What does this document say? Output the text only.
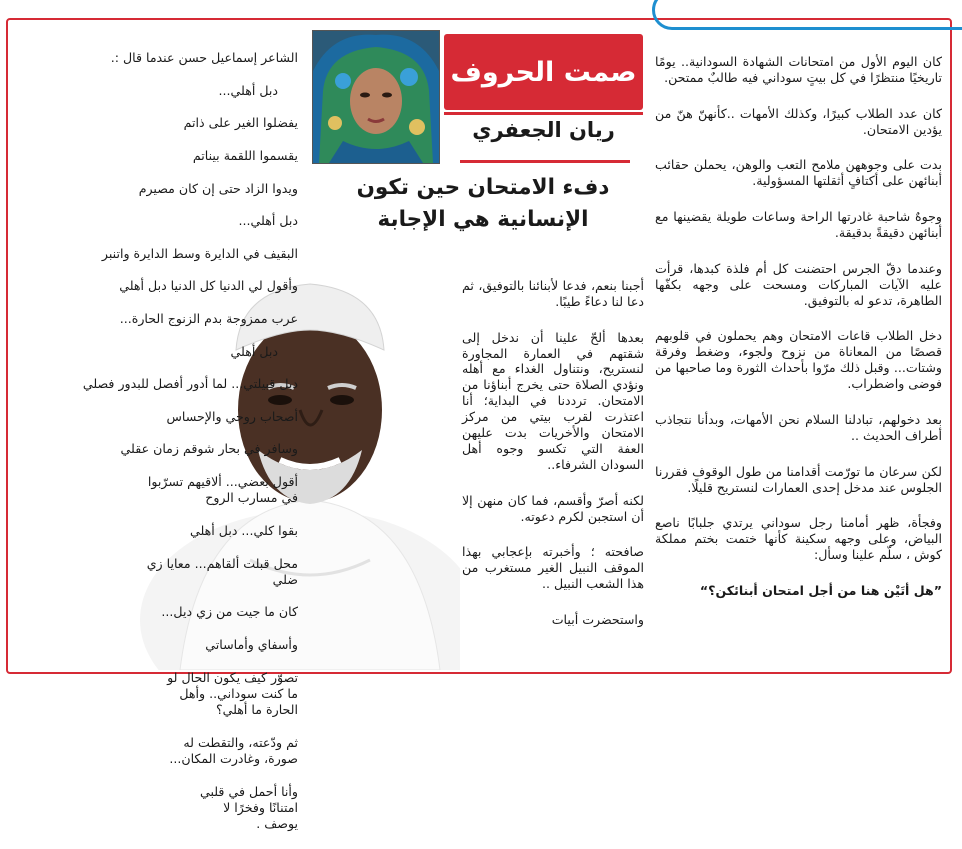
كان اليوم الأول من امتحانات الشهادة السودانية.. يومًا تاريخيًا منتظرًا في كل بيتٍ سوداني فيه طالبٌ ممتحن.

كان عدد الطلاب كبيرًا، وكذلك الأمهات ..كأنهنّ هنّ من يؤدين الامتحان.

بدت على وجوههن ملامح التعب والوهن، يحملن حقائب أبنائهن على أكتافٍ أثقلتها المسؤولية.

وجوهٌ شاحبة غادرتها الراحة وساعات طويلة يقضينها مع أبنائهن دقيقةً بدقيقة.

وعندما دقّ الجرس احتضنت كل أم فلذة كبدها، قرأت عليه الآيات المباركات ومسحت على وجهه بكفّها الطاهرة، تدعو له بالتوفيق.

دخل الطلاب قاعات الامتحان وهم يحملون في قلوبهم قصصًا من المعاناة من نزوح ولجوء، وضغط وفرقة وشتات... وقبل ذلك مرّوا بأحداث الثورة وما صاحبها من فوضى واضطراب.

بعد دخولهم، تبادلنا السلام نحن الأمهات، وبدأنا نتجاذب أطراف الحديث ..

لكن سرعان ما تورّمت أقدامنا من طول الوقوف فقررنا الجلوس عند مدخل إحدى العمارات لنستريح قليلًا.

وفجأة، ظهر أمامنا رجل سوداني يرتدي جلبابًا ناصع البياض، وعلى وجهه سكينة كأنها ختمت بختم مملكة كوش ، سلّم علينا وسأل:

”هل أتَيْن هنا من أجل امتحان أبنائكن؟“

صمت الحروف
ريان الجعفري
دفء الامتحان حين تكون الإنسانية هي الإجابة

أجبنا بنعم، فدعا لأبنائنا بالتوفيق، ثم دعا لنا دعاءً طيبًا.

بعدها ألحّ علينا أن ندخل إلى شقتهم في العمارة المجاورة لنستريح، ونتناول الغداء مع أهله ونؤدي الصلاة حتى يخرج أبناؤنا من الامتحان. ترددنا في البداية؛ أنا اعتذرت لقرب بيتي من مركز الامتحان والأخريات بدت عليهن العفة التي تكسو وجوه أهل السودان الشرفاء..

لكنه أصرّ وأقسم، فما كان منهن إلا أن استجبن لكرم دعوته.

صافحته ؛ وأخبرته بإعجابي بهذا الموقف النبيل الغير مستغرب من هذا الشعب النبيل ..

واستحضرت أبيات

الشاعر إسماعيل حسن عندما قال :.

دبل أهلي...

يفضلوا الغير على ذاتم

يقسموا اللقمة بيناتم

ويدوا الزاد حتى إن كان مصيرم

دبل أهلي...

البقيف في الدايرة وسط الدايرة واتنبر

وأقول لي الدنيا كل الدنيا دبل أهلي

عرب ممزوجة بدم الزنوج الحارة...

دبل أهلي

دبل قبيلتي... لما أدور أفصل للبدور فصلي

أصحاب روحي والإحساس

وسافر في بحار شوقم زمان عقلي

أقول بعضي... ألاقيهم تسرّبوا في مسارب الروح

بقوا كلي... دبل أهلي

محل قبلت ألقاهم... معايا زي ضلي

كان ما جيت من زي ديل...

وأسفاي وأماساتي

تصوّر كيف يكون الحال لو ما كنت سوداني.. وأهل الحارة ما أهلي؟

ثم ودّعته، والتقطت له صورة، وغادرت المكان...

وأنا أحمل في قلبي امتنانًا وفخرًا لا يوصف .
